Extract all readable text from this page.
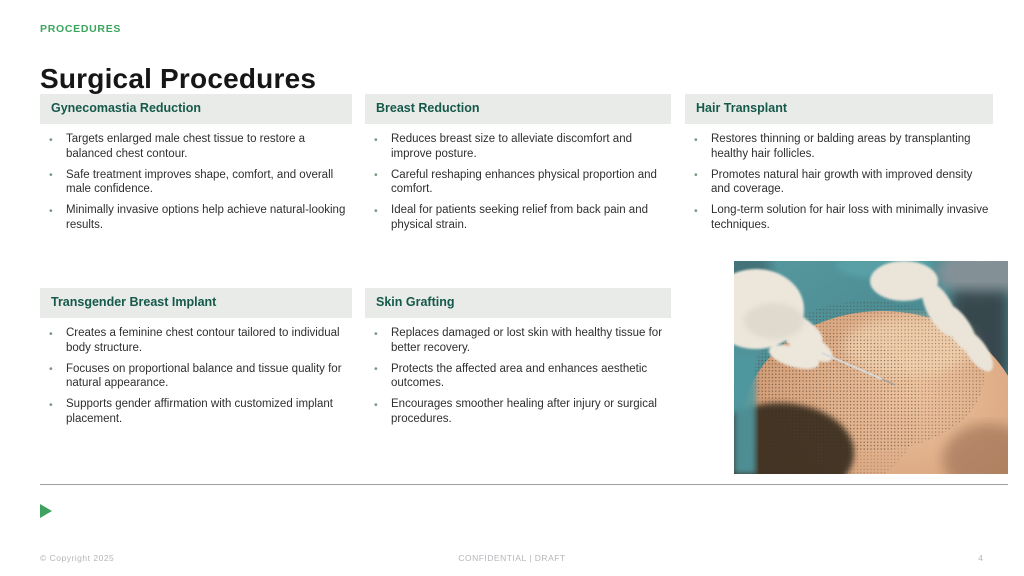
PROCEDURES
Surgical Procedures
Gynecomastia Reduction
• Targets enlarged male chest tissue to restore a balanced chest contour.
• Safe treatment improves shape, comfort, and overall male confidence.
• Minimally invasive options help achieve natural-looking results.
Breast Reduction
• Reduces breast size to alleviate discomfort and improve posture.
• Careful reshaping enhances physical proportion and comfort.
• Ideal for patients seeking relief from back pain and physical strain.
Hair Transplant
• Restores thinning or balding areas by transplanting healthy hair follicles.
• Promotes natural hair growth with improved density and coverage.
• Long-term solution for hair loss with minimally invasive techniques.
Transgender Breast Implant
• Creates a feminine chest contour tailored to individual body structure.
• Focuses on proportional balance and tissue quality for natural appearance.
• Supports gender affirmation with customized implant placement.
Skin Grafting
• Replaces damaged or lost skin with healthy tissue for better recovery.
• Protects the affected area and enhances aesthetic outcomes.
• Encourages smoother healing after injury or surgical procedures.
© Copyright 2025	CONFIDENTIAL | DRAFT	4
